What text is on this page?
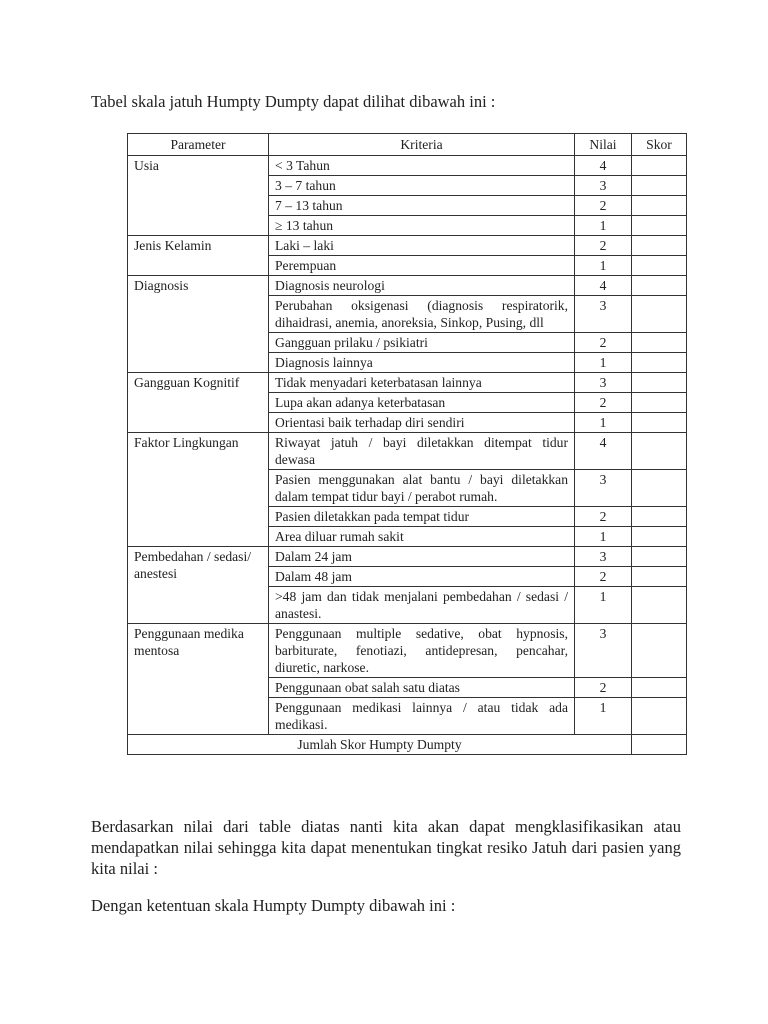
Tabel skala jatuh Humpty Dumpty dapat dilihat dibawah ini :

Parameter	Kriteria	Nilai	Skor
Usia	< 3 Tahun	4	
	3 – 7 tahun	3	
	7 – 13 tahun	2	
	≥ 13 tahun	1	
Jenis Kelamin	Laki – laki	2	
	Perempuan	1	
Diagnosis	Diagnosis neurologi	4	
	Perubahan oksigenasi (diagnosis respiratorik, dihaidrasi, anemia, anoreksia, Sinkop, Pusing, dll	3	
	Gangguan prilaku / psikiatri	2	
	Diagnosis lainnya	1	
Gangguan Kognitif	Tidak menyadari keterbatasan lainnya	3	
	Lupa akan adanya keterbatasan	2	
	Orientasi baik terhadap diri sendiri	1	
Faktor Lingkungan	Riwayat jatuh / bayi diletakkan ditempat tidur dewasa	4	
	Pasien menggunakan alat bantu / bayi diletakkan dalam tempat tidur bayi / perabot rumah.	3	
	Pasien diletakkan pada tempat tidur	2	
	Area diluar rumah sakit	1	
Pembedahan / sedasi/ anestesi	Dalam 24 jam	3	
	Dalam 48 jam	2	
	>48 jam dan tidak menjalani pembedahan / sedasi / anastesi.	1	
Penggunaan medika mentosa	Penggunaan multiple sedative, obat hypnosis, barbiturate, fenotiazi, antidepresan, pencahar, diuretic, narkose.	3	
	Penggunaan obat salah satu diatas	2	
	Penggunaan medikasi lainnya / atau tidak ada medikasi.	1	
Jumlah Skor Humpty Dumpty			

Berdasarkan nilai dari table diatas nanti kita akan dapat mengklasifikasikan atau mendapatkan nilai sehingga kita dapat menentukan tingkat resiko Jatuh dari pasien yang kita nilai :

Dengan ketentuan skala Humpty Dumpty dibawah ini :
